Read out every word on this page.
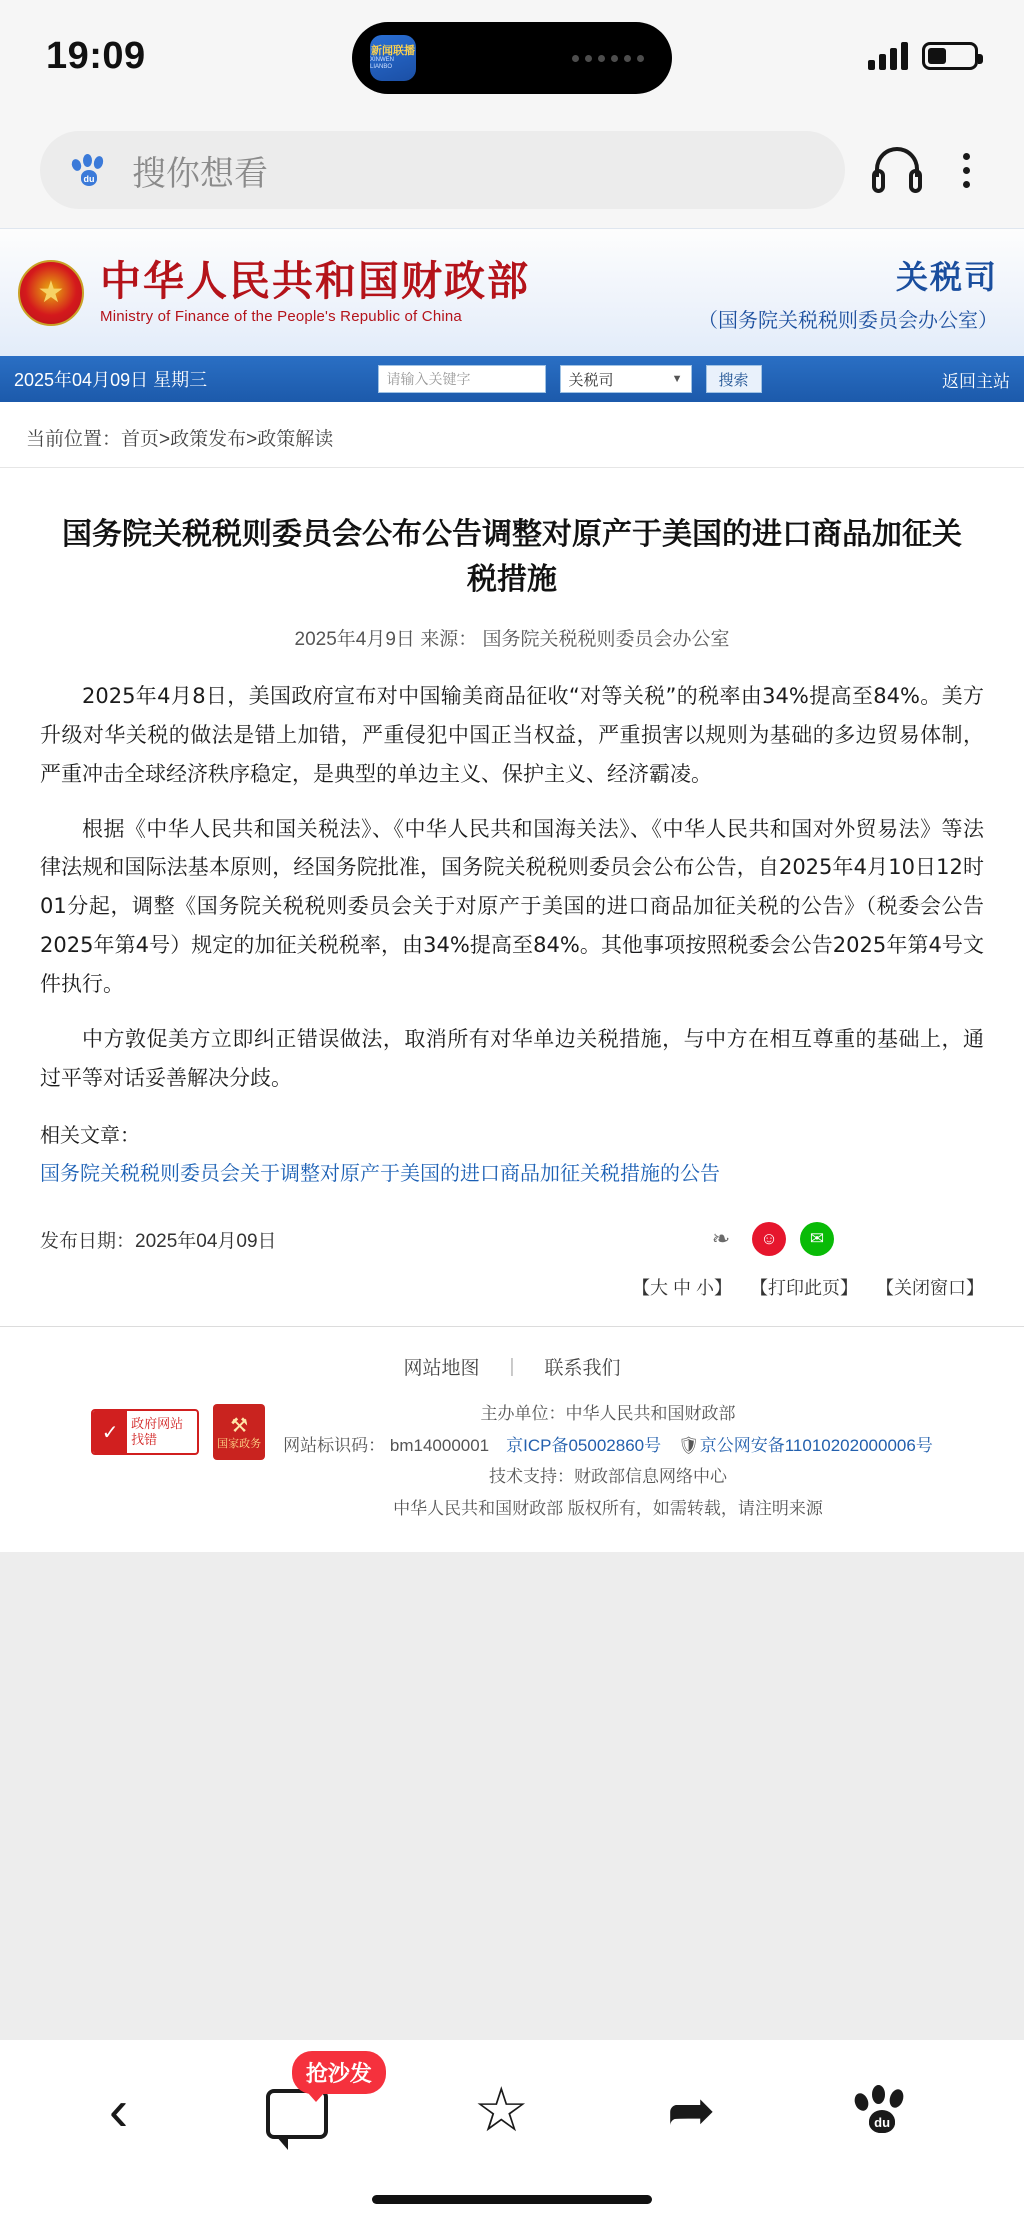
19:09	新闻联播
XINWEN LIANBO
du 搜你想看
★
中华人民共和国财政部
Ministry of Finance of the People's Republic of China
关税司
（国务院关税税则委员会办公室）
2025年04月09日 星期三	请输入关键字	关税司	▼	搜索	返回主站
当前位置：首页>政策发布>政策解读
国务院关税税则委员会公布公告调整对原产于美国的进口商品加征关税措施
2025年4月9日 来源： 国务院关税税则委员会办公室

2025年4月8日，美国政府宣布对中国输美商品征收“对等关税”的税率由34%提高至84%。美方升级对华关税的做法是错上加错，严重侵犯中国正当权益，严重损害以规则为基础的多边贸易体制，严重冲击全球经济秩序稳定，是典型的单边主义、保护主义、经济霸凌。

根据《中华人民共和国关税法》、《中华人民共和国海关法》、《中华人民共和国对外贸易法》等法律法规和国际法基本原则，经国务院批准，国务院关税税则委员会公布公告，自2025年4月10日12时01分起，调整《国务院关税税则委员会关于对原产于美国的进口商品加征关税的公告》（税委会公告2025年第4号）规定的加征关税税率，由34%提高至84%。其他事项按照税委会公告2025年第4号文件执行。

中方敦促美方立即纠正错误做法，取消所有对华单边关税措施，与中方在相互尊重的基础上，通过平等对话妥善解决分歧。

相关文章：
国务院关税税则委员会关于调整对原产于美国的进口商品加征关税措施的公告
发布日期：2025年04月09日	❧	☺	✉
【大 中 小】 【打印此页】 【关闭窗口】
网站地图 | 联系我们
✓ 政府网站
找错
⚒
国家政务
主办单位：中华人民共和国财政部
网站标识码： bm14000001　京ICP备05002860号　 🛡京公网安备11010202000006号
技术支持：财政部信息网络中心
中华人民共和国财政部 版权所有，如需转载，请注明来源
‹
抢沙发
☆ ➦	du
